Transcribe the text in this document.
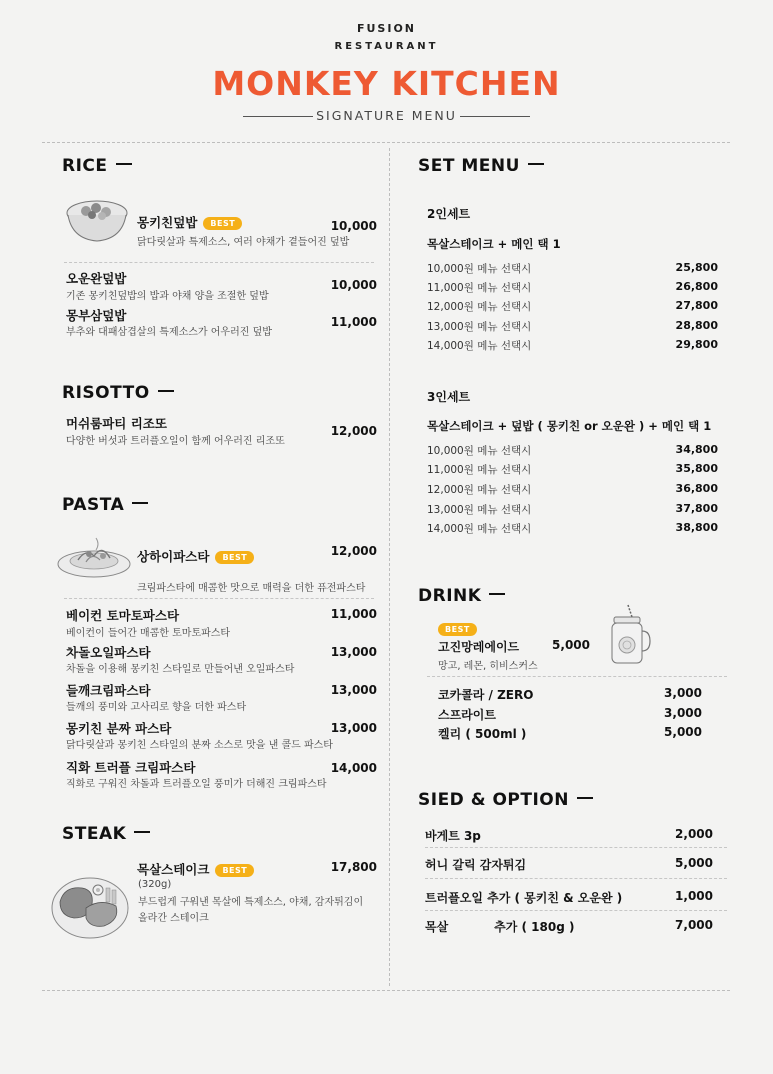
FUSION
RESTAURANT
MONKEY KITCHEN
SIGNATURE MENU
RICE
몽키친덮밥 BEST
닭다릿살과 특제소스, 여러 야채가 곁들어진 덮밥
10,000
오운완덮밥
기존 몽키친덮밥의 밥과 야채 양을 조절한 덮밥
10,000
몽부삼덮밥
부추와 대패삼겹살의 특제소스가 어우러진 덮밥
11,000
RISOTTO
머쉬룸파티 리조또
다양한 버섯과 트러플오일이 함께 어우러진 리조또
12,000
PASTA
상하이파스타 BEST	12,000
크림파스타에 매콤한 맛으로 매력을 더한 퓨전파스타
베이컨 토마토파스타
베이컨이 들어간 매콤한 토마토파스타
11,000
차돌오일파스타
차돌을 이용해 몽키친 스타일로 만들어낸 오일파스타
13,000
들깨크림파스타
들깨의 풍미와 고사리로 향을 더한 파스타
13,000
몽키친 분짜 파스타
닭다릿살과 몽키친 스타일의 분짜 소스로 맛을 낸 콜드 파스타
13,000
직화 트러플 크림파스타
직화로 구워진 차돌과 트러플오일 풍미가 더해진 크림파스타
14,000
STEAK
목살스테이크 BEST	17,800
(320g)
부드럽게 구워낸 목살에 특제소스, 야채, 감자튀김이
올라간 스테이크
SET MENU
2인세트
목살스테이크 + 메인 택 1
10,000원 메뉴 선택시	25,800
11,000원 메뉴 선택시	26,800
12,000원 메뉴 선택시	27,800
13,000원 메뉴 선택시	28,800
14,000원 메뉴 선택시	29,800
3인세트
목살스테이크 + 덮밥 ( 몽키친 or 오운완 ) + 메인 택 1
10,000원 메뉴 선택시	34,800
11,000원 메뉴 선택시	35,800
12,000원 메뉴 선택시	36,800
13,000원 메뉴 선택시	37,800
14,000원 메뉴 선택시	38,800
DRINK
BEST
고진망레에이드	5,000
망고, 레몬, 히비스커스
코카콜라 / ZERO	3,000
스프라이트	3,000
켈리 ( 500ml )	5,000
SIED & OPTION
바게트 3p	2,000
허니 갈릭 감자튀김	5,000
트러플오일 추가 ( 몽키친 & 오운완 )	1,000
목살           추가 ( 180g )	7,000
